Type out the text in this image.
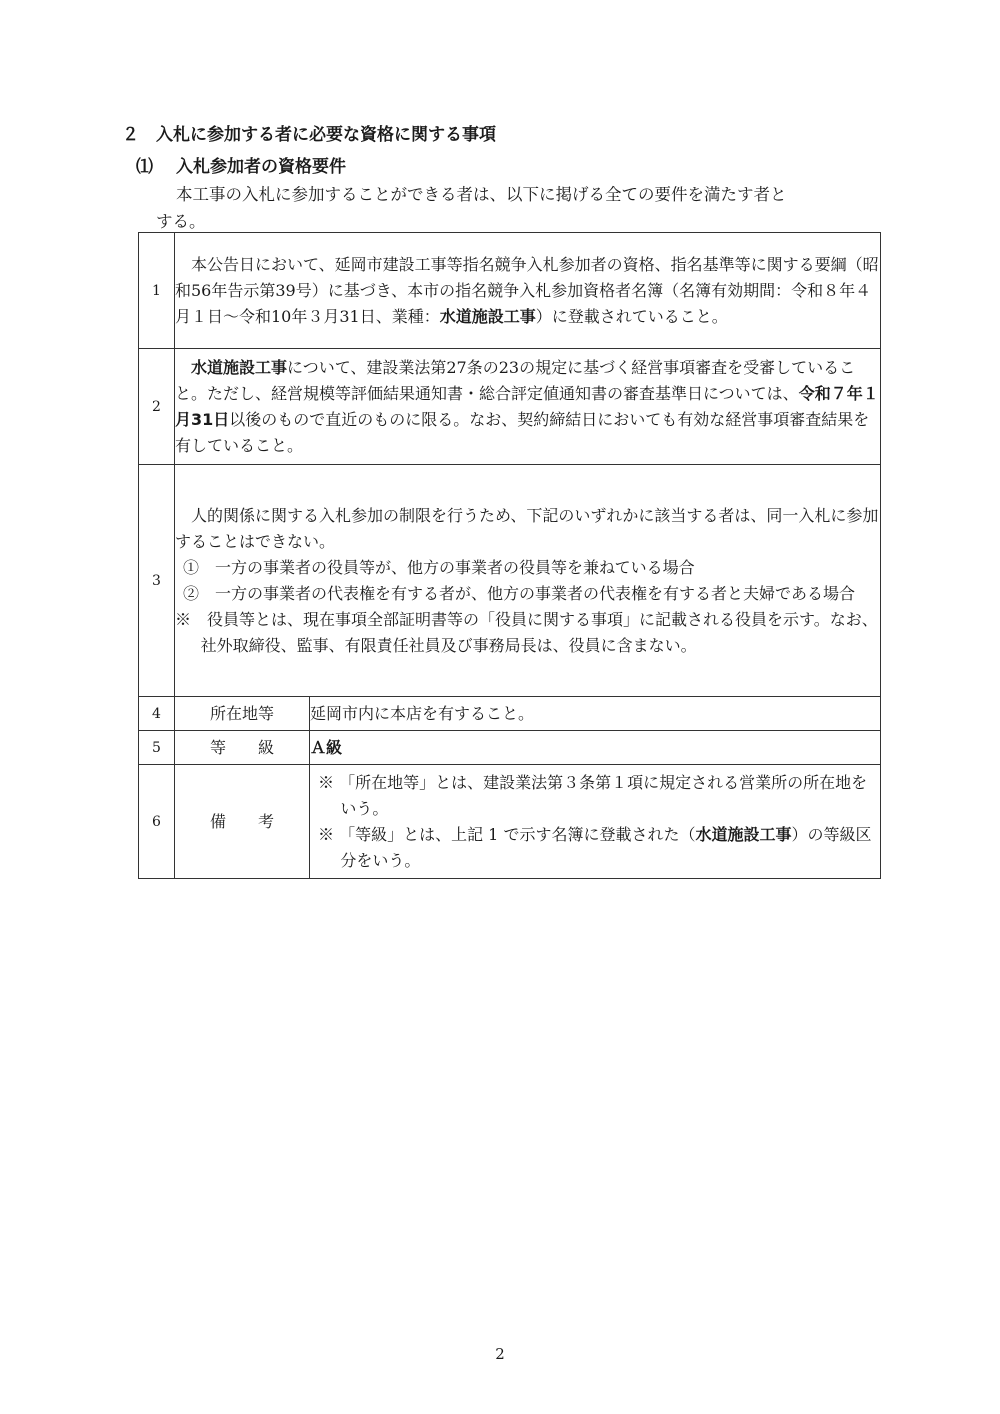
２ 入札に参加する者に必要な資格に関する事項
⑴ 入札参加者の資格要件
本工事の入札に参加することができる者は、以下に掲げる全ての要件を満たす者と
する。
1	本公告日において、延岡市建設工事等指名競争入札参加者の資格、指名基準等に関する要綱（昭和56年告示第39号）に基づき、本市の指名競争入札参加資格者名簿（名簿有効期間：令和８年４月１日～令和10年３月31日、業種：水道施設工事）に登載されていること。	

2	水道施設工事について、建設業法第27条の23の規定に基づく経営事項審査を受審していること。ただし、経営規模等評価結果通知書・総合評定値通知書の審査基準日については、令和７年１月31日以後のもので直近のものに限る。なお、契約締結日においても有効な経営事項審査結果を有していること。	

3	人的関係に関する入札参加の制限を行うため、下記のいずれかに該当する者は、同一入札に参加することはできない。
①　一方の事業者の役員等が、他方の事業者の役員等を兼ねている場合
②　一方の事業者の代表権を有する者が、他方の事業者の代表権を有する者と夫婦である場合
※　役員等とは、現在事項全部証明書等の「役員に関する事項」に記載される役員を示す。なお、社外取締役、監事、有限責任社員及び事務局長は、役員に含まない。	

4	所在地等	延岡市内に本店を有すること。
5	等　　級	Ａ級
6	備　　考	※ 「所在地等」とは、建設業法第３条第１項に規定される営業所の所在地をいう。
※ 「等級」とは、上記 1 で示す名簿に登載された（水道施設工事）の等級区分をいう。
2
